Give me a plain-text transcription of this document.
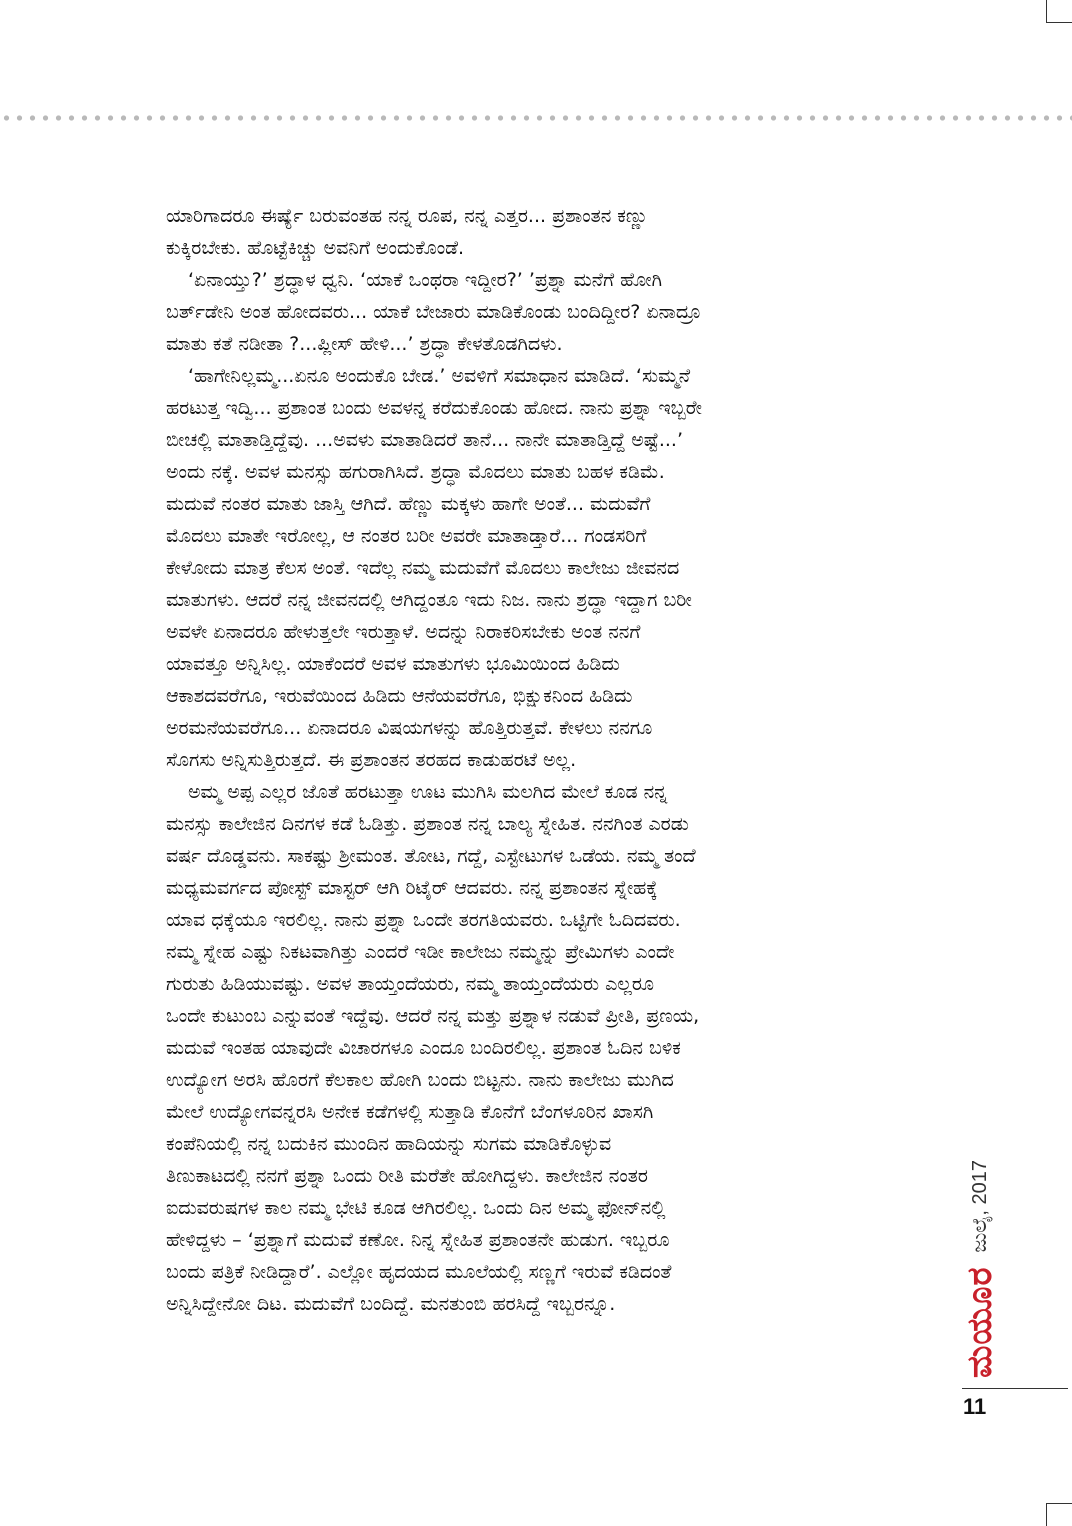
ಯಾರಿಗಾದರೂ ಈರ್ಷ್ಯೆ ಬರುವಂತಹ ನನ್ನ ರೂಪ, ನನ್ನ ಎತ್ತರ... ಪ್ರಶಾಂತನ ಕಣ್ಣು
ಕುಕ್ಕಿರಬೇಕು. ಹೊಟ್ಟೆಕಿಚ್ಚು ಅವನಿಗೆ ಅಂದುಕೊಂಡೆ.
‘ಏನಾಯ್ತು?’ ಶ್ರದ್ಧಾಳ ಧ್ವನಿ. ‘ಯಾಕೆ ಒಂಥರಾ ಇದ್ದೀರ?’ ’ಪ್ರಶ್ನಾ ಮನೆಗೆ ಹೋಗಿ
ಬರ್ತ್‌ಡೇನಿ ಅಂತ ಹೋದವರು... ಯಾಕೆ ಬೇಜಾರು ಮಾಡಿಕೊಂಡು ಬಂದಿದ್ದೀರ? ಏನಾದ್ರೂ
ಮಾತು ಕತೆ ನಡೀತಾ ?...ಪ್ಲೀಸ್ ಹೇಳಿ...’ ಶ್ರದ್ಧಾ ಕೇಳತೊಡಗಿದಳು.
‘ಹಾಗೇನಿಲ್ಲಮ್ಮ...ಏನೂ ಅಂದುಕೊ ಬೇಡ.’ ಅವಳಿಗೆ ಸಮಾಧಾನ ಮಾಡಿದೆ. ‘ಸುಮ್ಮನೆ
ಹರಟುತ್ತ ಇದ್ವಿ... ಪ್ರಶಾಂತ ಬಂದು ಅವಳನ್ನ ಕರೆದುಕೊಂಡು ಹೋದ. ನಾನು ಪ್ರಶ್ನಾ ಇಬ್ಬರೇ
ಬೀಚಲ್ಲಿ ಮಾತಾಡ್ತಿದ್ದೆವು. ...ಅವಳು ಮಾತಾಡಿದರೆ ತಾನೆ... ನಾನೇ ಮಾತಾಡ್ತಿದ್ದೆ ಅಷ್ಟೆ...’
ಅಂದು ನಕ್ಕೆ. ಅವಳ ಮನಸ್ಸು ಹಗುರಾಗಿಸಿದೆ. ಶ್ರದ್ಧಾ ಮೊದಲು ಮಾತು ಬಹಳ ಕಡಿಮೆ.
ಮದುವೆ ನಂತರ ಮಾತು ಜಾಸ್ತಿ ಆಗಿದೆ. ಹೆಣ್ಣು ಮಕ್ಕಳು ಹಾಗೇ ಅಂತೆ... ಮದುವೆಗೆ
ಮೊದಲು ಮಾತೇ ಇರೋಲ್ಲ, ಆ ನಂತರ ಬರೀ ಅವರೇ ಮಾತಾಡ್ತಾರೆ... ಗಂಡಸರಿಗೆ
ಕೇಳೋದು ಮಾತ್ರ ಕೆಲಸ ಅಂತೆ. ಇದೆಲ್ಲ ನಮ್ಮ ಮದುವೆಗೆ ಮೊದಲು ಕಾಲೇಜು ಜೀವನದ
ಮಾತುಗಳು. ಆದರೆ ನನ್ನ ಜೀವನದಲ್ಲಿ ಆಗಿದ್ದಂತೂ ಇದು ನಿಜ. ನಾನು ಶ್ರದ್ಧಾ ಇದ್ದಾಗ ಬರೀ
ಅವಳೇ ಏನಾದರೂ ಹೇಳುತ್ತಲೇ ಇರುತ್ತಾಳೆ. ಅದನ್ನು ನಿರಾಕರಿಸಬೇಕು ಅಂತ ನನಗೆ
ಯಾವತ್ತೂ ಅನ್ನಿಸಿಲ್ಲ. ಯಾಕೆಂದರೆ ಅವಳ ಮಾತುಗಳು ಭೂಮಿಯಿಂದ ಹಿಡಿದು
ಆಕಾಶದವರೆಗೂ, ಇರುವೆಯಿಂದ ಹಿಡಿದು ಆನೆಯವರೆಗೂ, ಭಿಕ್ಷುಕನಿಂದ ಹಿಡಿದು
ಅರಮನೆಯವರೆಗೂ... ಏನಾದರೂ ವಿಷಯಗಳನ್ನು ಹೊತ್ತಿರುತ್ತವೆ. ಕೇಳಲು ನನಗೂ
ಸೊಗಸು ಅನ್ನಿಸುತ್ತಿರುತ್ತದೆ. ಈ ಪ್ರಶಾಂತನ ತರಹದ ಕಾಡುಹರಟೆ ಅಲ್ಲ.
ಅಮ್ಮ ಅಪ್ಪ ಎಲ್ಲರ ಜೊತೆ ಹರಟುತ್ತಾ ಊಟ ಮುಗಿಸಿ ಮಲಗಿದ ಮೇಲೆ ಕೂಡ ನನ್ನ
ಮನಸ್ಸು ಕಾಲೇಜಿನ ದಿನಗಳ ಕಡೆ ಓಡಿತ್ತು. ಪ್ರಶಾಂತ ನನ್ನ ಬಾಲ್ಯ ಸ್ನೇಹಿತ. ನನಗಿಂತ ಎರಡು
ವರ್ಷ ದೊಡ್ಡವನು. ಸಾಕಷ್ಟು ಶ್ರೀಮಂತ. ತೋಟ, ಗದ್ದೆ, ಎಸ್ಟೇಟುಗಳ ಒಡೆಯ. ನಮ್ಮ ತಂದೆ
ಮಧ್ಯಮವರ್ಗದ ಪೋಸ್ಟ್ ಮಾಸ್ಟರ್ ಆಗಿ ರಿಟೈರ್ ಆದವರು. ನನ್ನ ಪ್ರಶಾಂತನ ಸ್ನೇಹಕ್ಕೆ
ಯಾವ ಧಕ್ಕೆಯೂ ಇರಲಿಲ್ಲ. ನಾನು ಪ್ರಶ್ನಾ ಒಂದೇ ತರಗತಿಯವರು. ಒಟ್ಟಿಗೇ ಓದಿದವರು.
ನಮ್ಮ ಸ್ನೇಹ ಎಷ್ಟು ನಿಕಟವಾಗಿತ್ತು ಎಂದರೆ ಇಡೀ ಕಾಲೇಜು ನಮ್ಮನ್ನು ಪ್ರೇಮಿಗಳು ಎಂದೇ
ಗುರುತು ಹಿಡಿಯುವಷ್ಟು. ಅವಳ ತಾಯ್ತಂದೆಯರು, ನಮ್ಮ ತಾಯ್ತಂದೆಯರು ಎಲ್ಲರೂ
ಒಂದೇ ಕುಟುಂಬ ಎನ್ನುವಂತೆ ಇದ್ದೆವು. ಆದರೆ ನನ್ನ ಮತ್ತು ಪ್ರಶ್ನಾಳ ನಡುವೆ ಪ್ರೀತಿ, ಪ್ರಣಯ,
ಮದುವೆ ಇಂತಹ ಯಾವುದೇ ವಿಚಾರಗಳೂ ಎಂದೂ ಬಂದಿರಲಿಲ್ಲ. ಪ್ರಶಾಂತ ಓದಿನ ಬಳಿಕ
ಉದ್ಯೋಗ ಅರಸಿ ಹೊರಗೆ ಕೆಲಕಾಲ ಹೋಗಿ ಬಂದು ಬಿಟ್ಟನು. ನಾನು ಕಾಲೇಜು ಮುಗಿದ
ಮೇಲೆ ಉದ್ಯೋಗವನ್ನರಸಿ ಅನೇಕ ಕಡೆಗಳಲ್ಲಿ ಸುತ್ತಾಡಿ ಕೊನೆಗೆ ಬೆಂಗಳೂರಿನ ಖಾಸಗಿ
ಕಂಪೆನಿಯಲ್ಲಿ ನನ್ನ ಬದುಕಿನ ಮುಂದಿನ ಹಾದಿಯನ್ನು ಸುಗಮ ಮಾಡಿಕೊಳ್ಳುವ
ತಿಣುಕಾಟದಲ್ಲಿ ನನಗೆ ಪ್ರಶ್ನಾ ಒಂದು ರೀತಿ ಮರೆತೇ ಹೋಗಿದ್ದಳು. ಕಾಲೇಜಿನ ನಂತರ
ಐದುವರುಷಗಳ ಕಾಲ ನಮ್ಮ ಭೇಟಿ ಕೂಡ ಆಗಿರಲಿಲ್ಲ. ಒಂದು ದಿನ ಅಮ್ಮ ಫೋನ್‌ನಲ್ಲಿ
ಹೇಳಿದ್ದಳು – ‘ಪ್ರಶ್ನಾಗೆ ಮದುವೆ ಕಣೋ. ನಿನ್ನ ಸ್ನೇಹಿತ ಪ್ರಶಾಂತನೇ ಹುಡುಗ. ಇಬ್ಬರೂ
ಬಂದು ಪತ್ರಿಕೆ ನೀಡಿದ್ದಾರೆ’. ಎಲ್ಲೋ ಹೃದಯದ ಮೂಲೆಯಲ್ಲಿ ಸಣ್ಣಗೆ ಇರುವೆ ಕಡಿದಂತೆ
ಅನ್ನಿಸಿದ್ದೇನೋ ದಿಟ. ಮದುವೆಗೆ ಬಂದಿದ್ದೆ. ಮನತುಂಬಿ ಹರಸಿದ್ದೆ ಇಬ್ಬರನ್ನೂ.	ಮಯೂರ
ಜುಲೈ, 2017
11
